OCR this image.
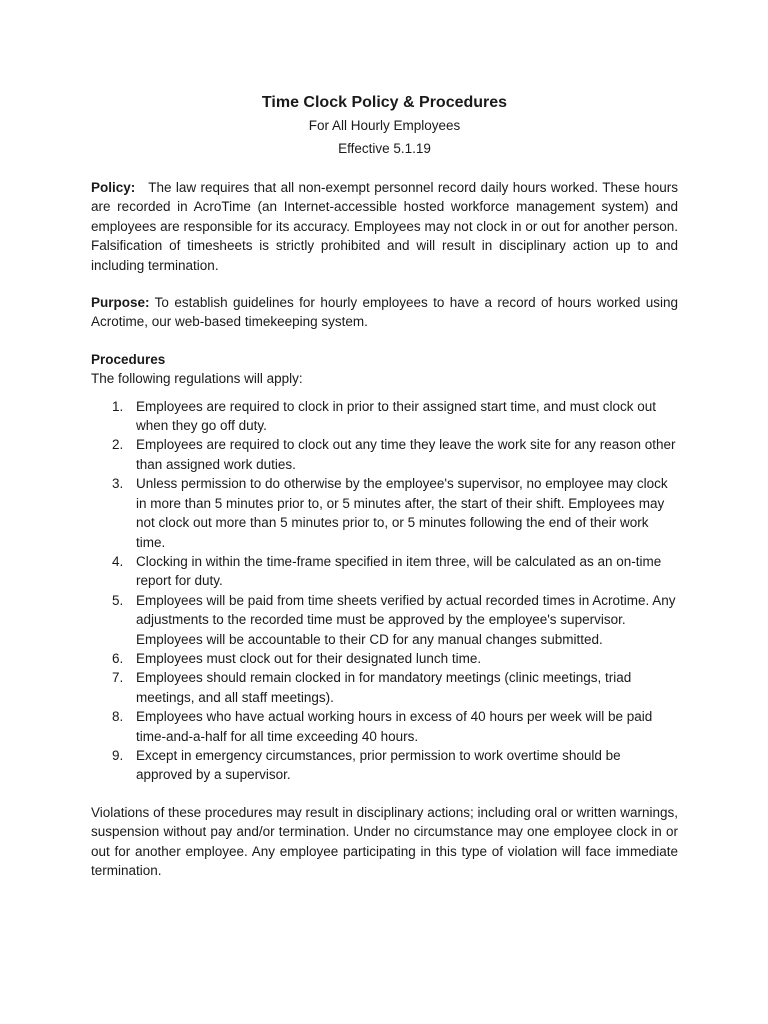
Time Clock Policy & Procedures

For All Hourly Employees

Effective 5.1.19

Policy: The law requires that all non-exempt personnel record daily hours worked. These hours are recorded in AcroTime (an Internet-accessible hosted workforce management system) and employees are responsible for its accuracy. Employees may not clock in or out for another person. Falsification of timesheets is strictly prohibited and will result in disciplinary action up to and including termination.

Purpose: To establish guidelines for hourly employees to have a record of hours worked using Acrotime, our web-based timekeeping system.

Procedures

The following regulations will apply:

1. Employees are required to clock in prior to their assigned start time, and must clock out when they go off duty.
2. Employees are required to clock out any time they leave the work site for any reason other than assigned work duties.
3. Unless permission to do otherwise by the employee's supervisor, no employee may clock in more than 5 minutes prior to, or 5 minutes after, the start of their shift. Employees may not clock out more than 5 minutes prior to, or 5 minutes following the end of their work time.
4. Clocking in within the time-frame specified in item three, will be calculated as an on-time report for duty.
5. Employees will be paid from time sheets verified by actual recorded times in Acrotime. Any adjustments to the recorded time must be approved by the employee's supervisor. Employees will be accountable to their CD for any manual changes submitted.
6. Employees must clock out for their designated lunch time.
7. Employees should remain clocked in for mandatory meetings (clinic meetings, triad meetings, and all staff meetings).
8. Employees who have actual working hours in excess of 40 hours per week will be paid time-and-a-half for all time exceeding 40 hours.
9. Except in emergency circumstances, prior permission to work overtime should be approved by a supervisor.

Violations of these procedures may result in disciplinary actions; including oral or written warnings, suspension without pay and/or termination. Under no circumstance may one employee clock in or out for another employee. Any employee participating in this type of violation will face immediate termination.
